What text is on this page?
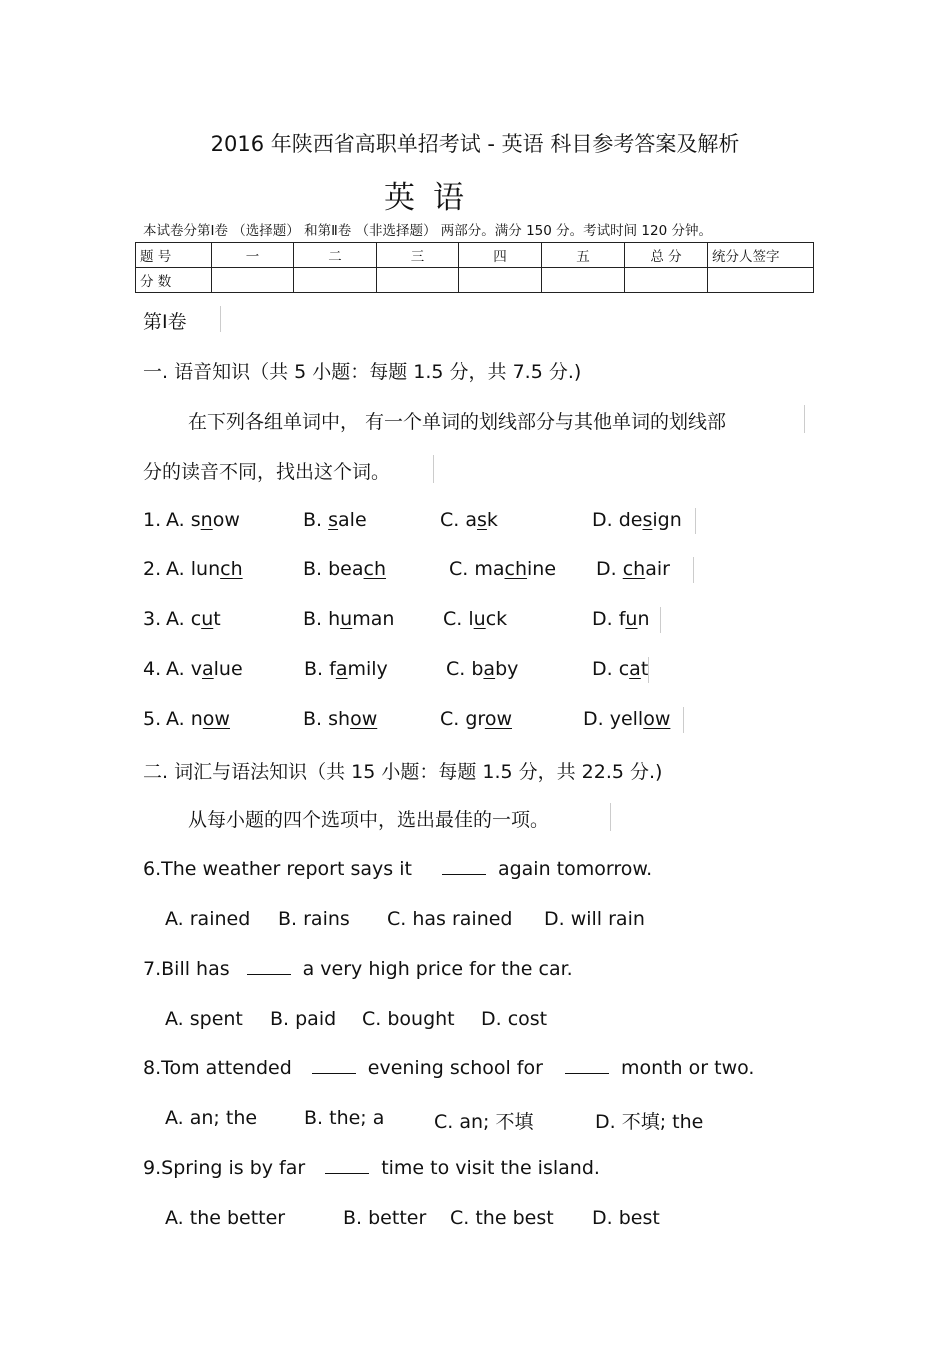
2016 年陕西省高职单招考试 - 英语 科目参考答案及解析
英语
本试卷分第Ⅰ卷 （选择题） 和第Ⅱ卷 （非选择题） 两部分。满分 150 分。考试时间 120 分钟。
题 号	一	二	三	四	五	总 分	统分人签字
分 数							
第Ⅰ卷
一. 语音知识（共 5 小题：每题 1.5 分，共 7.5 分.)
在下列各组单词中， 有一个单词的划线部分与其他单词的划线部
分的读音不同，找出这个词。
1. A. snow	B. sale	C. ask	D. design
2. A. lunch	B. beach	C. machine D. chair
3. A. cut	B. human	C. luck	D. fun
4. A. value	B. family	C. baby	D. cat
5. A. now	B. show	C. grow	D. yellow
二. 词汇与语法知识（共 15 小题：每题 1.5 分，共 22.5 分.)
从每小题的四个选项中，选出最佳的一项。
6.The weather report says it	again tomorrow.
A. rained B. rains C. has rained D. will rain
7.Bill has	a very high price for the car.
A. spent B. paid C. bought D. cost
8.Tom attended	evening school for	month or two.
A. an; the B. the; a	C. an; 不填	D. 不填; the
9.Spring is by far	time to visit the island.
A. the better	B. better C. the best D. best
